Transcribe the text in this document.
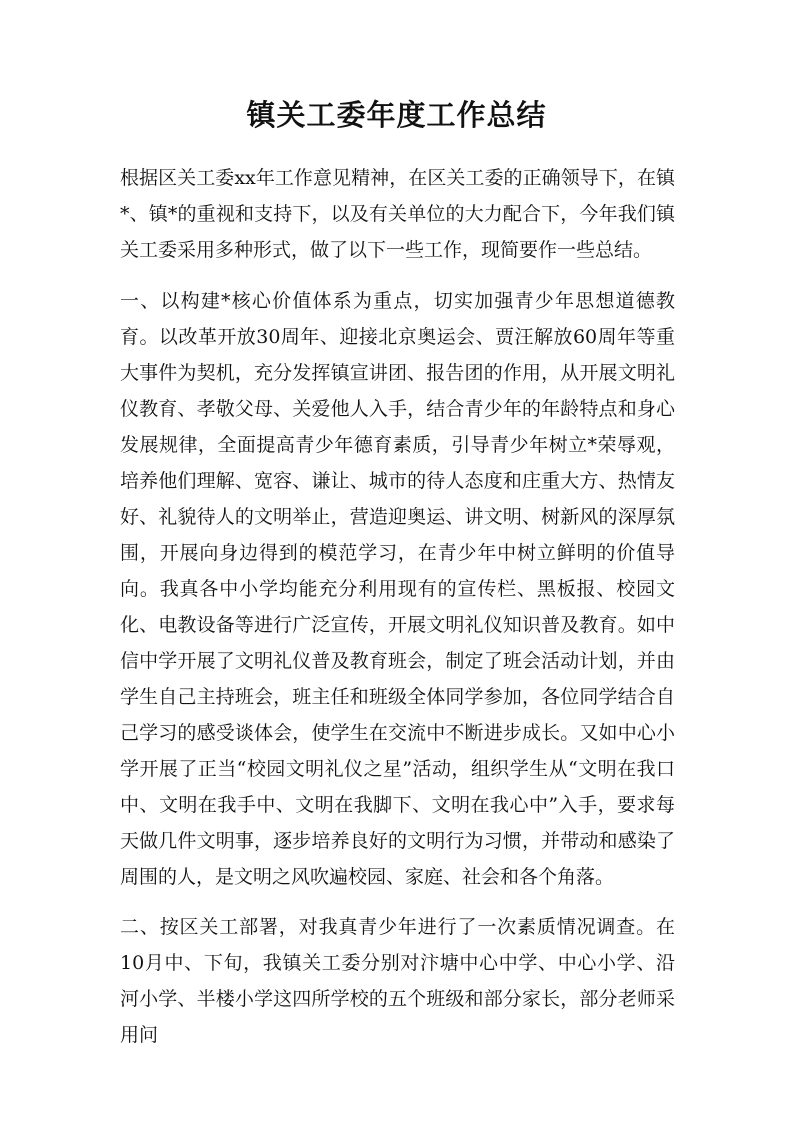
镇关工委年度工作总结

根据区关工委xx年工作意见精神，在区关工委的正确领导下，在镇*、镇*的重视和支持下，以及有关单位的大力配合下，今年我们镇关工委采用多种形式，做了以下一些工作，现简要作一些总结。

一、以构建*核心价值体系为重点，切实加强青少年思想道德教育。以改革开放30周年、迎接北京奥运会、贾汪解放60周年等重大事件为契机，充分发挥镇宣讲团、报告团的作用，从开展文明礼仪教育、孝敬父母、关爱他人入手，结合青少年的年龄特点和身心发展规律，全面提高青少年德育素质，引导青少年树立*荣辱观，培养他们理解、宽容、谦让、城市的待人态度和庄重大方、热情友好、礼貌待人的文明举止，营造迎奥运、讲文明、树新风的深厚氛围，开展向身边得到的模范学习，在青少年中树立鲜明的价值导向。我真各中小学均能充分利用现有的宣传栏、黑板报、校园文化、电教设备等进行广泛宣传，开展文明礼仪知识普及教育。如中信中学开展了文明礼仪普及教育班会，制定了班会活动计划，并由学生自己主持班会，班主任和班级全体同学参加，各位同学结合自己学习的感受谈体会，使学生在交流中不断进步成长。又如中心小学开展了正当“校园文明礼仪之星”活动，组织学生从“文明在我口中、文明在我手中、文明在我脚下、文明在我心中”入手，要求每天做几件文明事，逐步培养良好的文明行为习惯，并带动和感染了周围的人，是文明之风吹遍校园、家庭、社会和各个角落。

二、按区关工部署，对我真青少年进行了一次素质情况调查。在10月中、下旬，我镇关工委分别对汴塘中心中学、中心小学、沿河小学、半楼小学这四所学校的五个班级和部分家长，部分老师采用问
